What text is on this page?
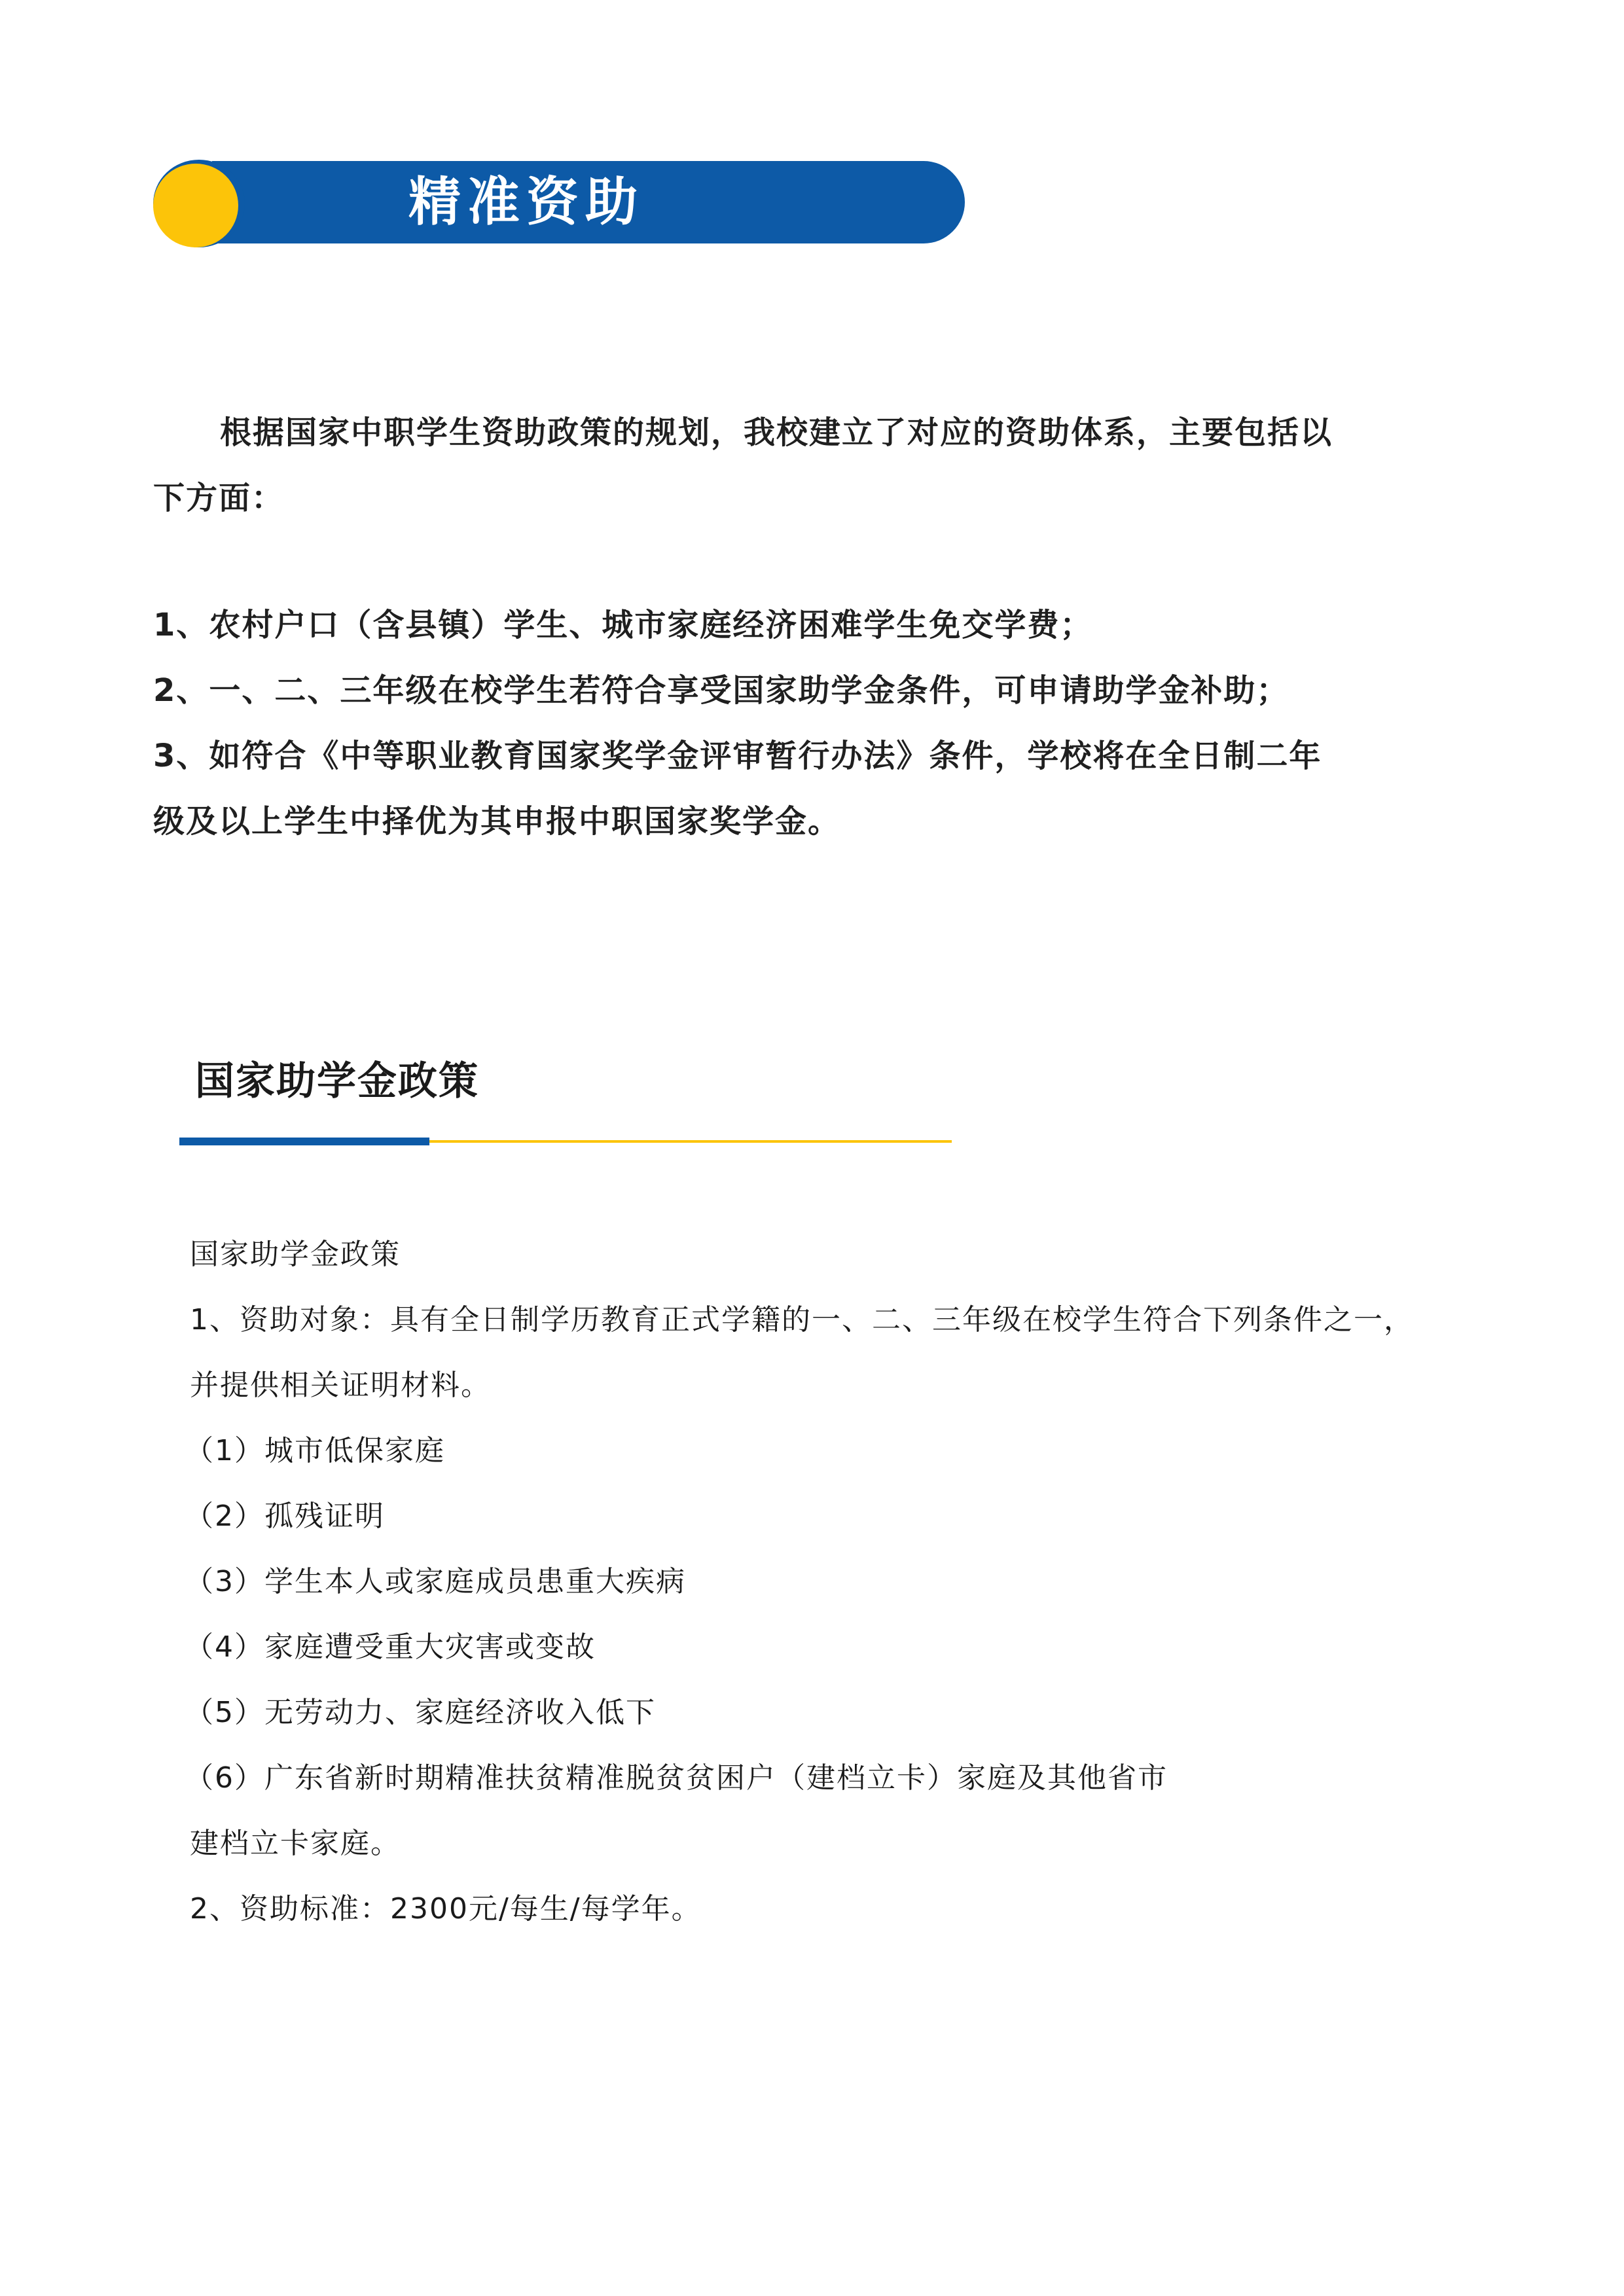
精准资助
根据国家中职学生资助政策的规划，我校建立了对应的资助体系，主要包括以
下方面：
1、农村户口（含县镇）学生、城市家庭经济困难学生免交学费；
2、一、二、三年级在校学生若符合享受国家助学金条件，可申请助学金补助；
3、如符合《中等职业教育国家奖学金评审暂行办法》条件，学校将在全日制二年
级及以上学生中择优为其申报中职国家奖学金。
国家助学金政策
国家助学金政策
1、资助对象：具有全日制学历教育正式学籍的一、二、三年级在校学生符合下列条件之一，
并提供相关证明材料。
（1）城市低保家庭
（2）孤残证明
（3）学生本人或家庭成员患重大疾病
（4）家庭遭受重大灾害或变故
（5）无劳动力、家庭经济收入低下
（6）广东省新时期精准扶贫精准脱贫贫困户（建档立卡）家庭及其他省市
建档立卡家庭。
2、资助标准：2300元/每生/每学年。
